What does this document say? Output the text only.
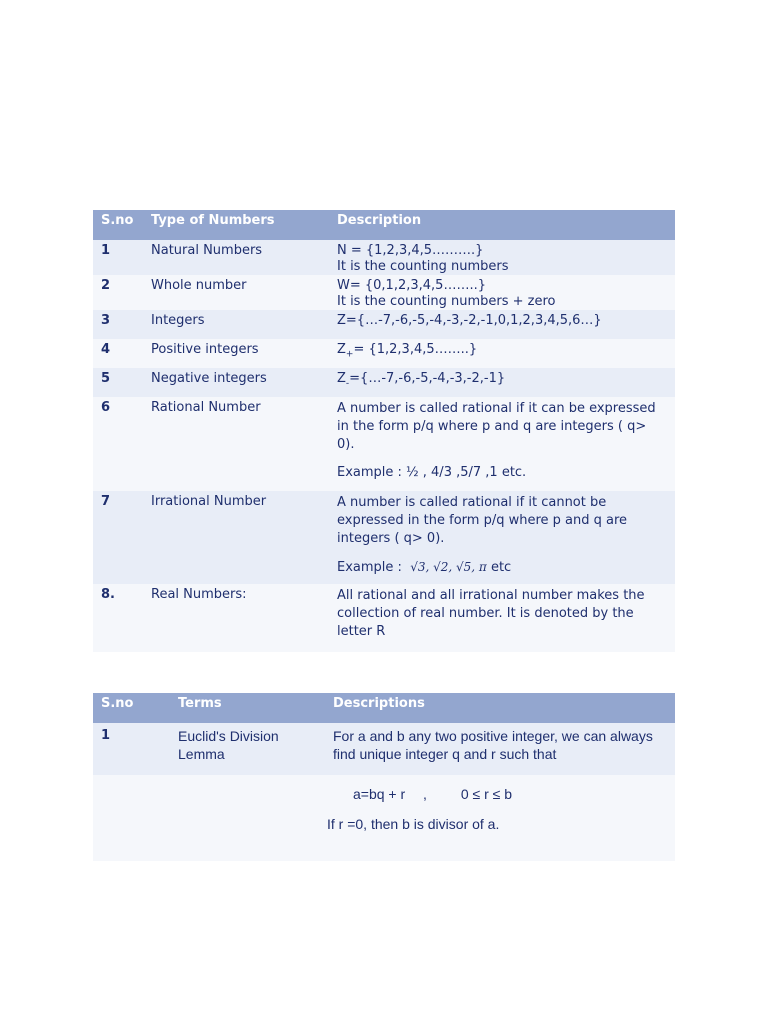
S.no	Type of Numbers	Description
1	Natural Numbers	N = {1,2,3,4,5……….}
It is the counting numbers

2	Whole number	W= {0,1,2,3,4,5……..}
It is the counting numbers + zero

3	Integers	Z={…-7,-6,-5,-4,-3,-2,-1,0,1,2,3,4,5,6…}
4	Positive integers	$Z_+=$ {1,2,3,4,5……..}
5	Negative integers	$Z_-=\{\dots-7,-6,-5,-4,-3,-2,-1\}$
6	Rational Number	A number is called rational if it can be expressed in the form p/q where p and q are integers ( q> 0).

Example : ½ , 4/3 ,5/7 ,1 etc.

7	Irrational Number	A number is called rational if it cannot be expressed in the form p/q where p and q are integers ( q> 0).

Example : √3, √2, √5, π etc

8.	Real Numbers:	All rational and all irrational number makes the collection of real number. It is denoted by the letter R

S.no	Terms	Descriptions
1	Euclid's Division Lemma	For a and b any two positive integer, we can always find unique integer q and r such that

		a=bq + r , 0 ≤ r ≤ b

If r =0, then b is divisor of a.
